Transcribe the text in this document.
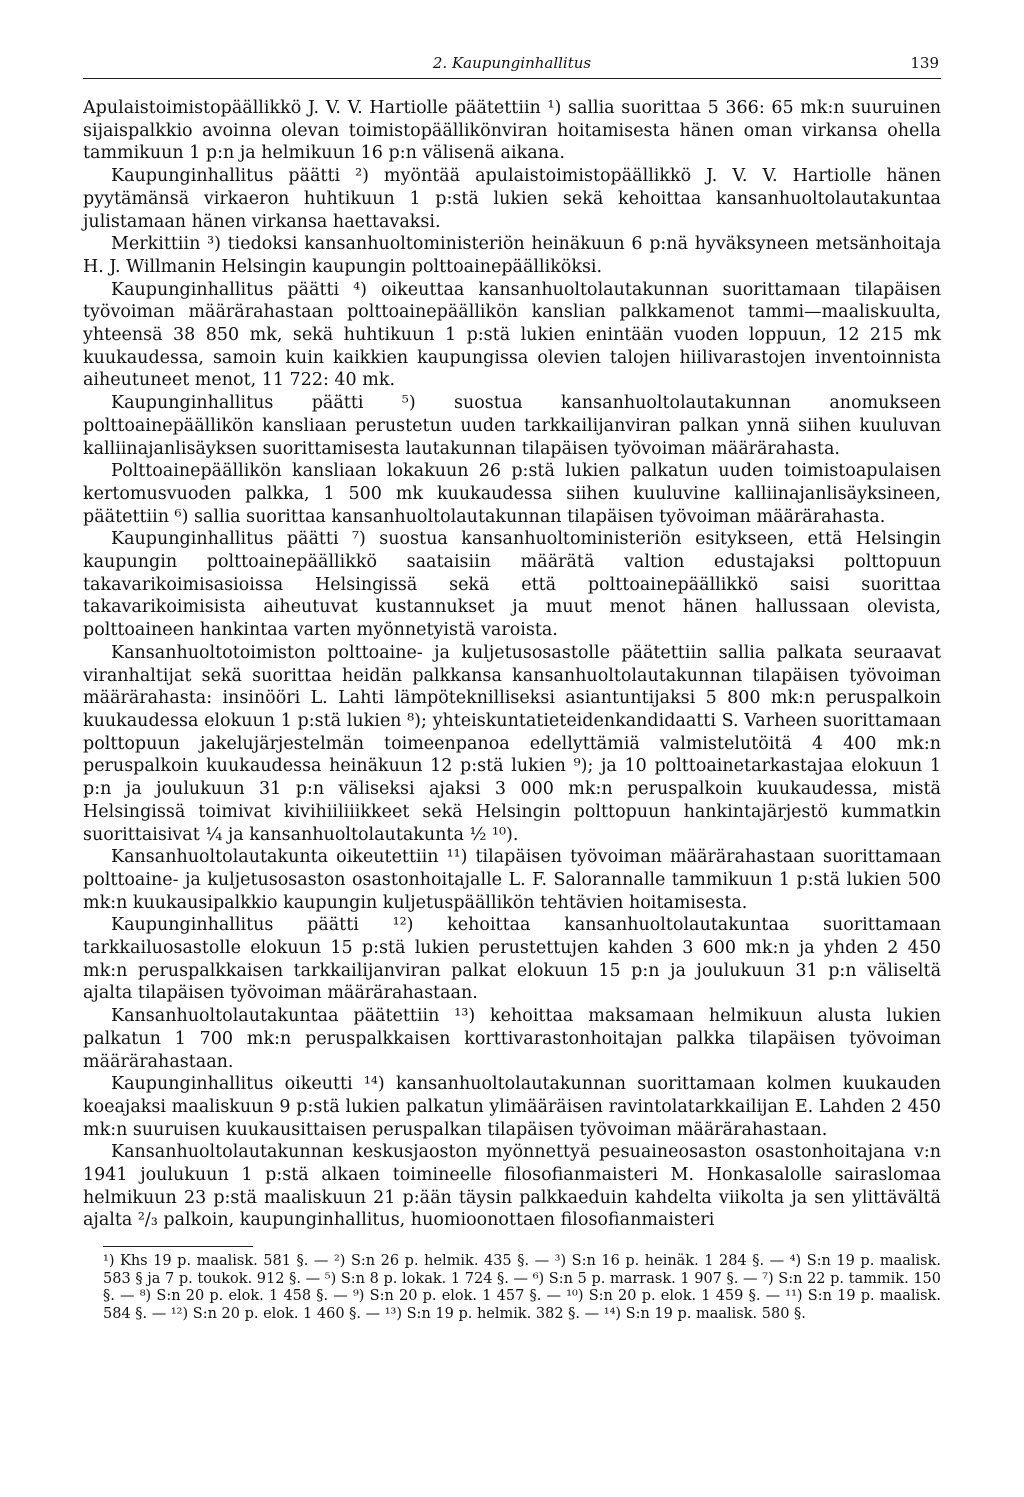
2. Kaupunginhallitus	139

Apulaistoimistopäällikkö J. V. V. Hartiolle päätettiin ¹) sallia suorittaa 5 366: 65 mk:n suuruinen sijaispalkkio avoinna olevan toimistopäällikönviran hoitamisesta hänen oman virkansa ohella tammikuun 1 p:n ja helmikuun 16 p:n välisenä aikana.

Kaupunginhallitus päätti ²) myöntää apulaistoimistopäällikkö J. V. V. Hartiolle hänen pyytämänsä virkaeron huhtikuun 1 p:stä lukien sekä kehoittaa kansanhuoltolautakuntaa julistamaan hänen virkansa haettavaksi.

Merkittiin ³) tiedoksi kansanhuoltoministeriön heinäkuun 6 p:nä hyväksyneen metsänhoitaja H. J. Willmanin Helsingin kaupungin polttoainepäälliköksi.

Kaupunginhallitus päätti ⁴) oikeuttaa kansanhuoltolautakunnan suorittamaan tilapäisen työvoiman määrärahastaan polttoainepäällikön kanslian palkkamenot tammi—maaliskuulta, yhteensä 38 850 mk, sekä huhtikuun 1 p:stä lukien enintään vuoden loppuun, 12 215 mk kuukaudessa, samoin kuin kaikkien kaupungissa olevien talojen hiilivarastojen inventoinnista aiheutuneet menot, 11 722: 40 mk.

Kaupunginhallitus päätti ⁵) suostua kansanhuoltolautakunnan anomukseen polttoainepäällikön kansliaan perustetun uuden tarkkailijanviran palkan ynnä siihen kuuluvan kalliinajanlisäyksen suorittamisesta lautakunnan tilapäisen työvoiman määrärahasta.

Polttoainepäällikön kansliaan lokakuun 26 p:stä lukien palkatun uuden toimistoapulaisen kertomusvuoden palkka, 1 500 mk kuukaudessa siihen kuuluvine kalliinajanlisäyksineen, päätettiin ⁶) sallia suorittaa kansanhuoltolautakunnan tilapäisen työvoiman määrärahasta.

Kaupunginhallitus päätti ⁷) suostua kansanhuoltoministeriön esitykseen, että Helsingin kaupungin polttoainepäällikkö saataisiin määrätä valtion edustajaksi polttopuun takavarikoimisasioissa Helsingissä sekä että polttoainepäällikkö saisi suorittaa takavarikoimisista aiheutuvat kustannukset ja muut menot hänen hallussaan olevista, polttoaineen hankintaa varten myönnetyistä varoista.

Kansanhuoltotoimiston polttoaine- ja kuljetusosastolle päätettiin sallia palkata seuraavat viranhaltijat sekä suorittaa heidän palkkansa kansanhuoltolautakunnan tilapäisen työvoiman määrärahasta: insinööri L. Lahti lämpöteknilliseksi asiantuntijaksi 5 800 mk:n peruspalkoin kuukaudessa elokuun 1 p:stä lukien ⁸); yhteiskuntatieteidenkandidaatti S. Varheen suorittamaan polttopuun jakelujärjestelmän toimeenpanoa edellyttämiä valmistelutöitä 4 400 mk:n peruspalkoin kuukaudessa heinäkuun 12 p:stä lukien ⁹); ja 10 polttoainetarkastajaa elokuun 1 p:n ja joulukuun 31 p:n väliseksi ajaksi 3 000 mk:n peruspalkoin kuukaudessa, mistä Helsingissä toimivat kivihiiliiikkeet sekä Helsingin polttopuun hankintajärjestö kummatkin suorittaisivat ¼ ja kansanhuoltolautakunta ½ ¹⁰).

Kansanhuoltolautakunta oikeutettiin ¹¹) tilapäisen työvoiman määrärahastaan suorittamaan polttoaine- ja kuljetusosaston osastonhoitajalle L. F. Salorannalle tammikuun 1 p:stä lukien 500 mk:n kuukausipalkkio kaupungin kuljetuspäällikön tehtävien hoitamisesta.

Kaupunginhallitus päätti ¹²) kehoittaa kansanhuoltolautakuntaa suorittamaan tarkkailuosastolle elokuun 15 p:stä lukien perustettujen kahden 3 600 mk:n ja yhden 2 450 mk:n peruspalkkaisen tarkkailijanviran palkat elokuun 15 p:n ja joulukuun 31 p:n väliseltä ajalta tilapäisen työvoiman määrärahastaan.

Kansanhuoltolautakuntaa päätettiin ¹³) kehoittaa maksamaan helmikuun alusta lukien palkatun 1 700 mk:n peruspalkkaisen korttivarastonhoitajan palkka tilapäisen työvoiman määrärahastaan.

Kaupunginhallitus oikeutti ¹⁴) kansanhuoltolautakunnan suorittamaan kolmen kuukauden koeajaksi maaliskuun 9 p:stä lukien palkatun ylimääräisen ravintolatarkkailijan E. Lahden 2 450 mk:n suuruisen kuukausittaisen peruspalkan tilapäisen työvoiman määrärahastaan.

Kansanhuoltolautakunnan keskusjaoston myönnettyä pesuaineosaston osastonhoitajana v:n 1941 joulukuun 1 p:stä alkaen toimineelle filosofianmaisteri M. Honkasalolle sairaslomaa helmikuun 23 p:stä maaliskuun 21 p:ään täysin palkkaeduin kahdelta viikolta ja sen ylittävältä ajalta ²/₃ palkoin, kaupunginhallitus, huomioonottaen filosofianmaisteri

¹) Khs 19 p. maalisk. 581 §. — ²) S:n 26 p. helmik. 435 §. — ³) S:n 16 p. heinäk. 1 284 §. — ⁴) S:n 19 p. maalisk. 583 § ja 7 p. toukok. 912 §. — ⁵) S:n 8 p. lokak. 1 724 §. — ⁶) S:n 5 p. marrask. 1 907 §. — ⁷) S:n 22 p. tammik. 150 §. — ⁸) S:n 20 p. elok. 1 458 §. — ⁹) S:n 20 p. elok. 1 457 §. — ¹⁰) S:n 20 p. elok. 1 459 §. — ¹¹) S:n 19 p. maalisk. 584 §. — ¹²) S:n 20 p. elok. 1 460 §. — ¹³) S:n 19 p. helmik. 382 §. — ¹⁴) S:n 19 p. maalisk. 580 §.
